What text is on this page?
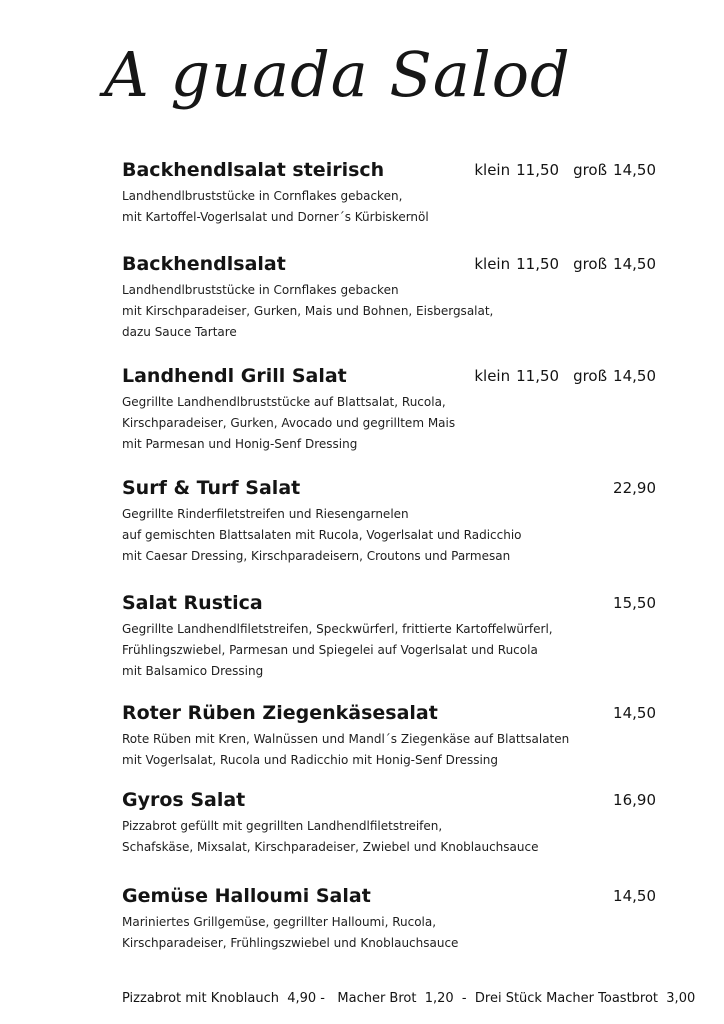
A guada Salod
Backhendlsalat steirisch	klein 11,50 groß 14,50
Landhendlbruststücke in Cornflakes gebacken,
mit Kartoffel-Vogerlsalat und Dorner´s Kürbiskernöl
Backhendlsalat	klein 11,50 groß 14,50
Landhendlbruststücke in Cornflakes gebacken
mit Kirschparadeiser, Gurken, Mais und Bohnen, Eisbergsalat,
dazu Sauce Tartare
Landhendl Grill Salat	klein 11,50 groß 14,50
Gegrillte Landhendlbruststücke auf Blattsalat, Rucola,
Kirschparadeiser, Gurken, Avocado und gegrilltem Mais
mit Parmesan und Honig-Senf Dressing
Surf & Turf Salat	22,90
Gegrillte Rinderfiletstreifen und Riesengarnelen
auf gemischten Blattsalaten mit Rucola, Vogerlsalat und Radicchio
mit Caesar Dressing, Kirschparadeisern, Croutons und Parmesan
Salat Rustica	15,50
Gegrillte Landhendlfiletstreifen, Speckwürferl, frittierte Kartoffelwürferl,
Frühlingszwiebel, Parmesan und Spiegelei auf Vogerlsalat und Rucola
mit Balsamico Dressing
Roter Rüben Ziegenkäsesalat	14,50
Rote Rüben mit Kren, Walnüssen und Mandl´s Ziegenkäse auf Blattsalaten
mit Vogerlsalat, Rucola und Radicchio mit Honig-Senf Dressing
Gyros Salat	16,90
Pizzabrot gefüllt mit gegrillten Landhendlfiletstreifen,
Schafskäse, Mixsalat, Kirschparadeiser, Zwiebel und Knoblauchsauce
Gemüse Halloumi Salat	14,50
Mariniertes Grillgemüse, gegrillter Halloumi, Rucola,
Kirschparadeiser, Frühlingszwiebel und Knoblauchsauce
Pizzabrot mit Knoblauch  4,90 -   Macher Brot  1,20  -  Drei Stück Macher Toastbrot  3,00
